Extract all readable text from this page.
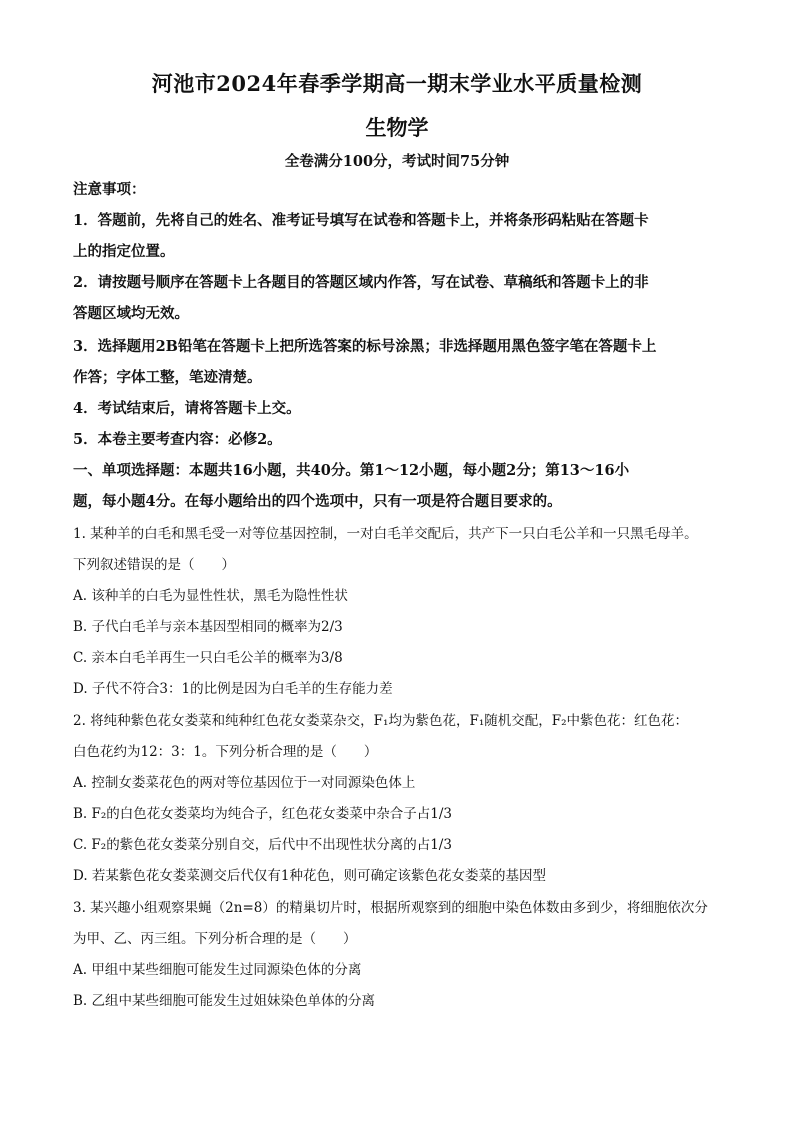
河池市2024年春季学期高一期末学业水平质量检测
生物学
全卷满分100分，考试时间75分钟
注意事项：
1．答题前，先将自己的姓名、准考证号填写在试卷和答题卡上，并将条形码粘贴在答题卡
上的指定位置。
2．请按题号顺序在答题卡上各题目的答题区域内作答，写在试卷、草稿纸和答题卡上的非
答题区域均无效。
3．选择题用2B铅笔在答题卡上把所选答案的标号涂黑；非选择题用黑色签字笔在答题卡上
作答；字体工整，笔迹清楚。
4．考试结束后，请将答题卡上交。
5．本卷主要考查内容：必修2。
一、单项选择题：本题共16小题，共40分。第1～12小题，每小题2分；第13～16小
题，每小题4分。在每小题给出的四个选项中，只有一项是符合题目要求的。
1. 某种羊的白毛和黑毛受一对等位基因控制，一对白毛羊交配后，共产下一只白毛公羊和一只黑毛母羊。
下列叙述错误的是（　　）
A. 该种羊的白毛为显性性状，黑毛为隐性性状
B. 子代白毛羊与亲本基因型相同的概率为2/3
C. 亲本白毛羊再生一只白毛公羊的概率为3/8
D. 子代不符合3：1的比例是因为白毛羊的生存能力差
2. 将纯种紫色花女娄菜和纯种红色花女娄菜杂交，F₁均为紫色花，F₁随机交配，F₂中紫色花：红色花：
白色花约为12：3：1。下列分析合理的是（　　）
A. 控制女娄菜花色的两对等位基因位于一对同源染色体上
B. F₂的白色花女娄菜均为纯合子，红色花女娄菜中杂合子占1/3
C. F₂的紫色花女娄菜分别自交，后代中不出现性状分离的占1/3
D. 若某紫色花女娄菜测交后代仅有1种花色，则可确定该紫色花女娄菜的基因型
3. 某兴趣小组观察果蝇（2n=8）的精巢切片时，根据所观察到的细胞中染色体数由多到少，将细胞依次分
为甲、乙、丙三组。下列分析合理的是（　　）
A. 甲组中某些细胞可能发生过同源染色体的分离
B. 乙组中某些细胞可能发生过姐妹染色单体的分离
